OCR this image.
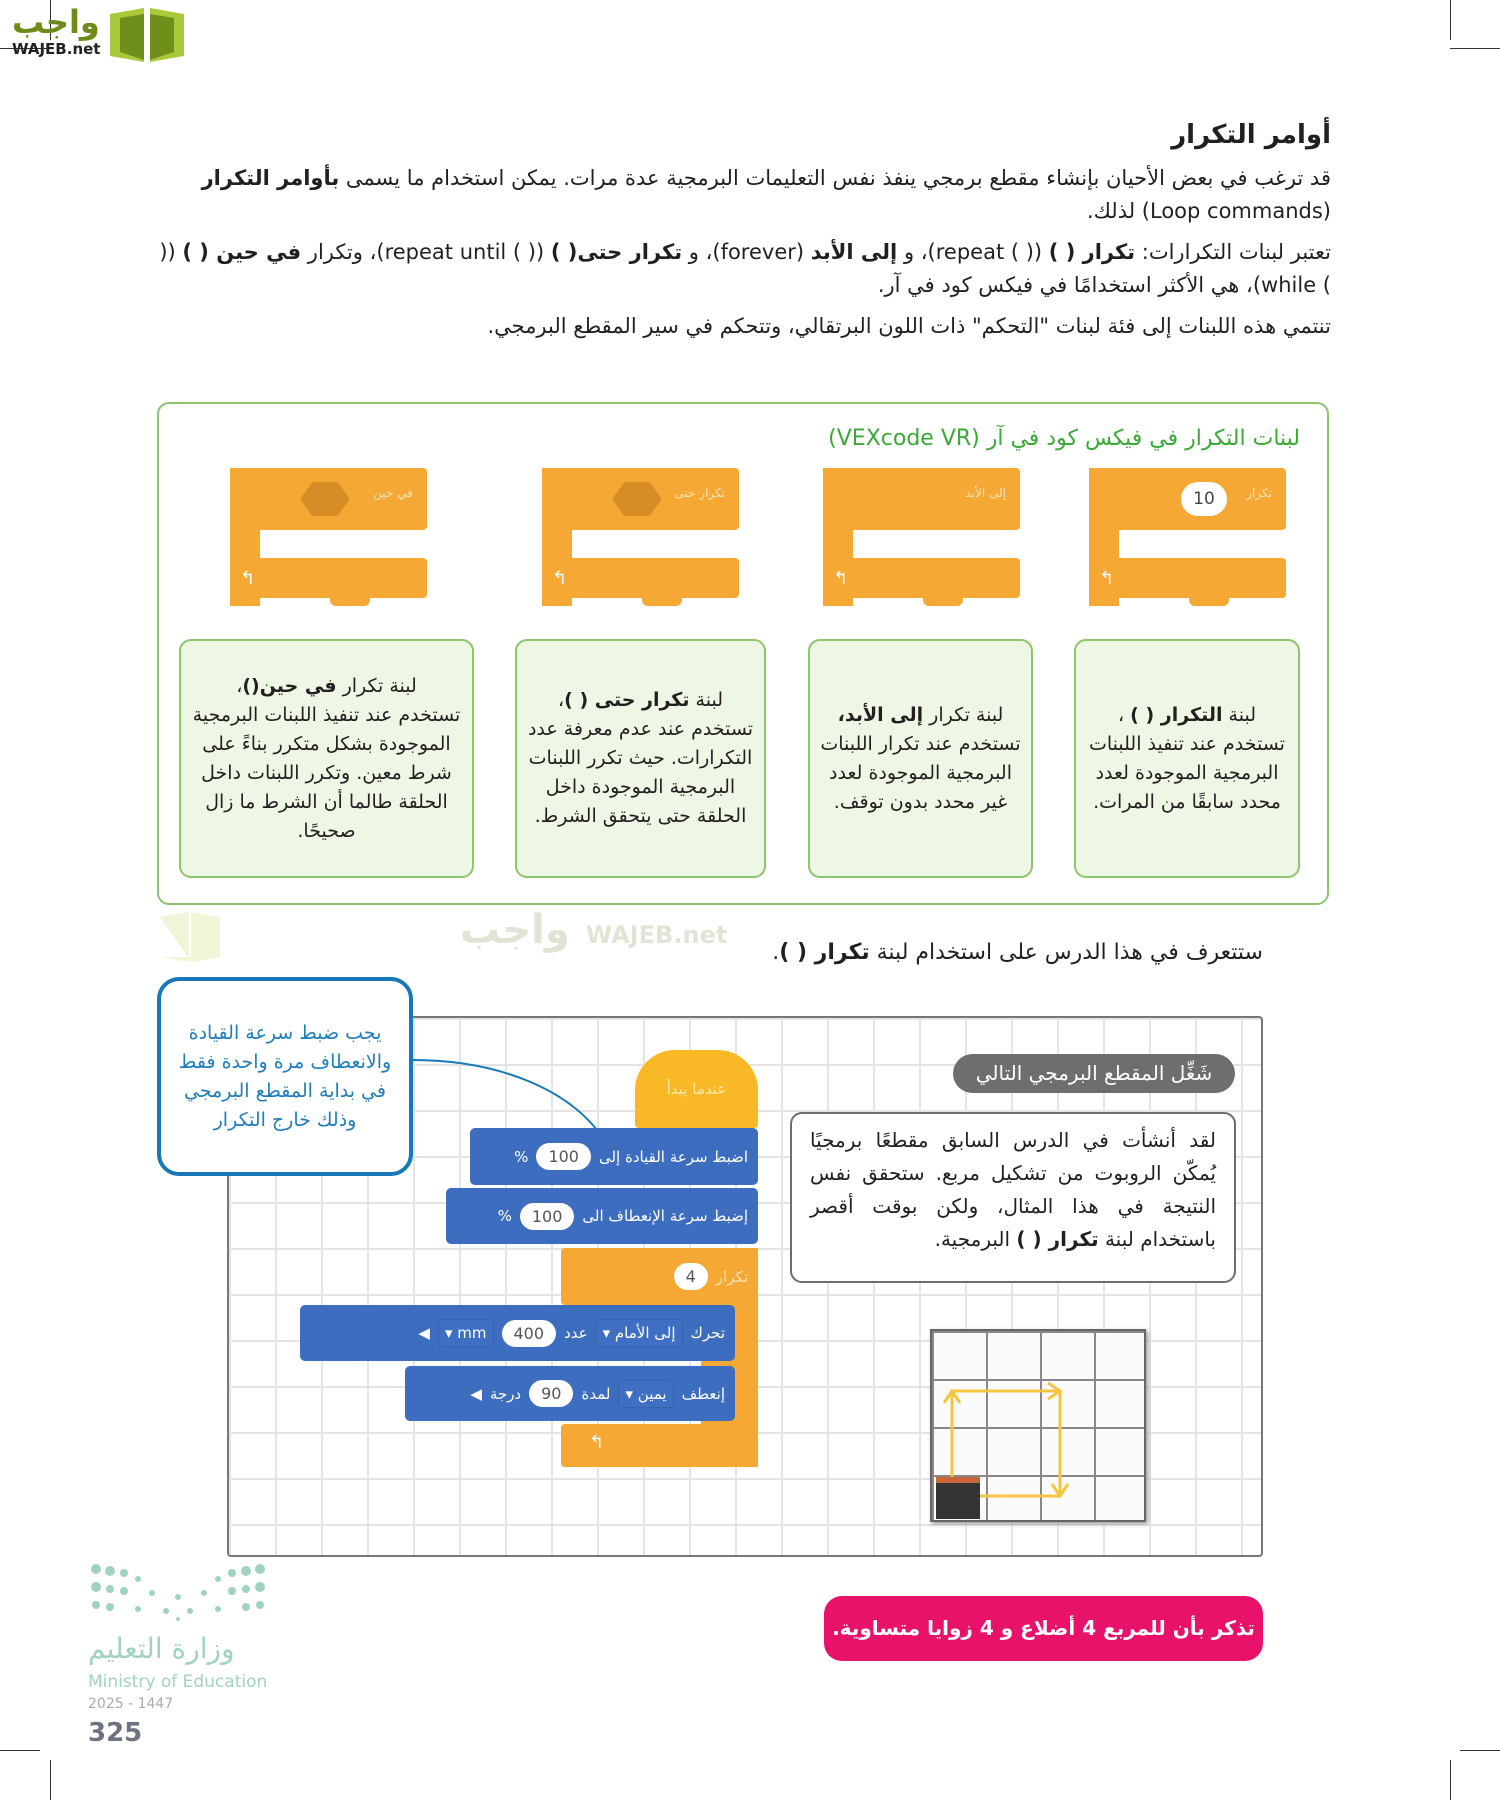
واجب
WAJEB.net
أوامر التكرار
قد ترغب في بعض الأحيان بإنشاء مقطع برمجي ينفذ نفس التعليمات البرمجية عدة مرات. يمكن استخدام ما يسمى بأوامر التكرار (Loop commands) لذلك.
تعتبر لبنات التكرارات: تكرار ( ) (( ) repeat)، و إلى الأبد (forever)، و تكرار حتى( ) (( ) repeat until)، وتكرار في حين ( ) (( ) while)، هي الأكثر استخدامًا في فيكس كود في آر.
تنتمي هذه اللبنات إلى فئة لبنات "التحكم" ذات اللون البرتقالي، وتتحكم في سير المقطع البرمجي.
لبنات التكرار في فيكس كود في آر (VEXcode VR)
تكرار
10
↰
إلى الأبد
↰
تكرار حتى
↰
في حين
↰
لبنة التكرار ( ) ،
تستخدم عند تنفيذ اللبنات البرمجية الموجودة لعدد محدد سابقًا من المرات.
لبنة تكرار إلى الأبد،
تستخدم عند تكرار اللبنات البرمجية الموجودة لعدد غير محدد بدون توقف.
لبنة تكرار حتى ( )،
تستخدم عند عدم معرفة عدد التكرارات. حيث تكرر اللبنات البرمجية الموجودة داخل الحلقة حتى يتحقق الشرط.
لبنة تكرار في حين()،
تستخدم عند تنفيذ اللبنات البرمجية الموجودة بشكل متكرر بناءً على شرط معين. وتكرر اللبنات داخل الحلقة طالما أن الشرط ما زال صحيحًا.
واجب WAJEB.net
ستتعرف في هذا الدرس على استخدام لبنة تكرار ( ).
يجب ضبط سرعة القيادة والانعطاف مرة واحدة فقط في بداية المقطع البرمجي وذلك خارج التكرار
عندما يبدأ
اضبط سرعة القيادة إلى
100
%
إضبط سرعة الإنعطاف الى
100
%
تكرار
4
↰
تحرك
إلى الأمام ▾
عدد
400
mm ▾
◀
إنعطف
يمين ▾
لمدة
90
درجة
◀
شَغِّل المقطع البرمجي التالي
لقد أنشأت في الدرس السابق مقطعًا برمجيًا يُمكّن الروبوت من تشكيل مربع. ستحقق نفس النتيجة في هذا المثال، ولكن بوقت أقصر باستخدام لبنة تكرار ( ) البرمجية.
تذكر بأن للمربع 4 أضلاع و 4 زوايا متساوية.
وزارة التعليم
Ministry of Education
2025 - 1447
325
